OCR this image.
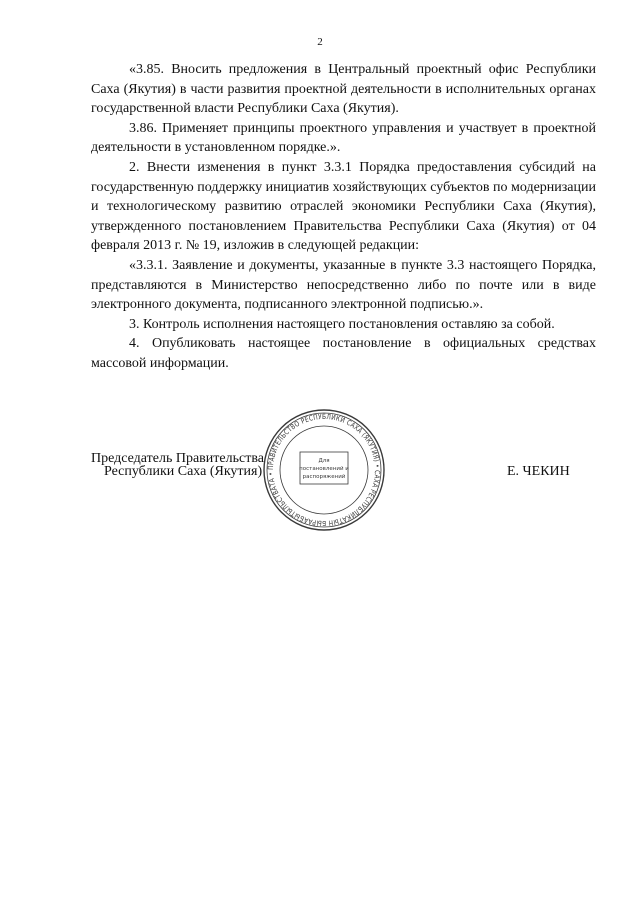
2

«3.85. Вносить предложения в Центральный проектный офис Республики Саха (Якутия) в части развития проектной деятельности в исполнительных органах государственной власти Республики Саха (Якутия).

3.86. Применяет принципы проектного управления и участвует в проектной деятельности в установленном порядке.».

2. Внести изменения в пункт 3.3.1 Порядка предоставления субсидий на государственную поддержку инициатив хозяйствующих субъектов по модернизации и технологическому развитию отраслей экономики Республики Саха (Якутия), утвержденного постановлением Правительства Республики Саха (Якутия) от 04 февраля 2013 г. № 19, изложив в следующей редакции:

«3.3.1. Заявление и документы, указанные в пункте 3.3 настоящего Порядка, представляются в Министерство непосредственно либо по почте или в виде электронного документа, подписанного электронной подписью.».

3. Контроль исполнения настоящего постановления оставляю за собой.

4. Опубликовать настоящее постановление в официальных средствах массовой информации.

ПРАВИТЕЛЬСТВО РЕСПУБЛИКИ САХА (ЯКУТИЯ) • САХА РЕСПУБЛИКАТЫН БЫРААБЫТЫЛЬСТВАТА •
Для
постановлений и
распоряжений
Председатель Правительства
Республики Саха (Якутия)	Е. ЧЕКИН
